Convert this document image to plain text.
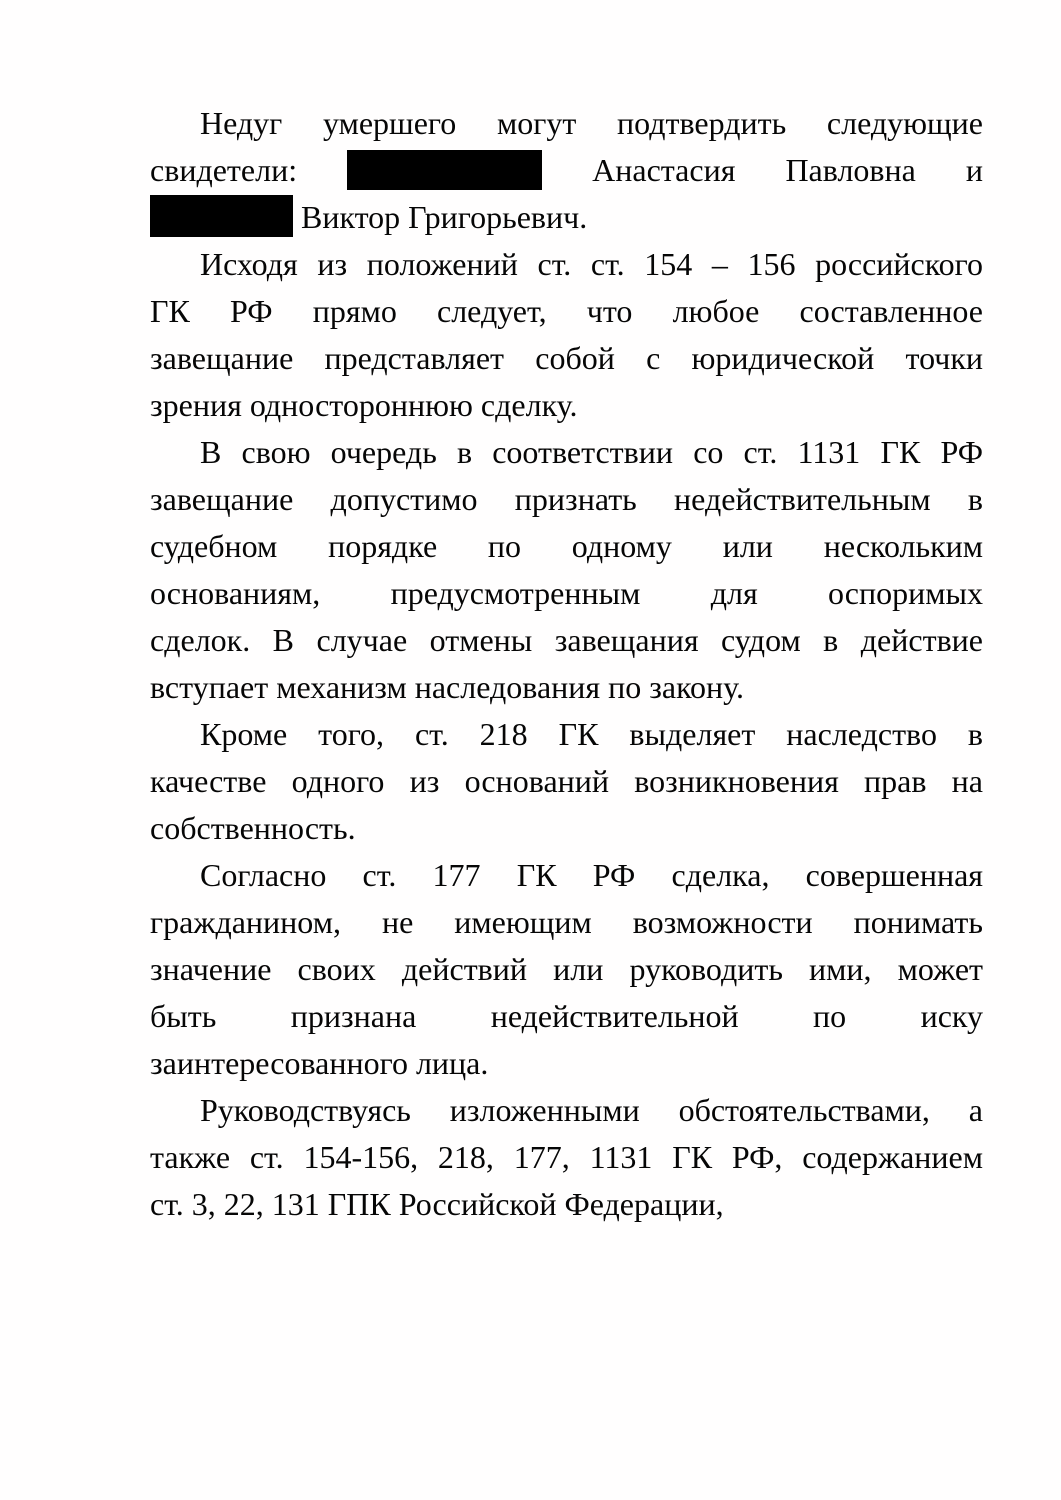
Недуг умершего могут подтвердить следующие
свидетели:	Анастасия Павловна и
Виктор Григорьевич.
Исходя из положений ст. ст. 154 – 156 российского
ГК РФ прямо следует, что любое составленное
завещание представляет собой с юридической точки
зрения одностороннюю сделку.
В свою очередь в соответствии со ст. 1131 ГК РФ
завещание допустимо признать недействительным в
судебном порядке по одному или нескольким
основаниям, предусмотренным для оспоримых
сделок. В случае отмены завещания судом в действие
вступает механизм наследования по закону.
Кроме того, ст. 218 ГК выделяет наследство в
качестве одного из оснований возникновения прав на
собственность.
Согласно ст. 177 ГК РФ сделка, совершенная
гражданином, не имеющим возможности понимать
значение своих действий или руководить ими, может
быть признана недействительной по иску
заинтересованного лица.
Руководствуясь изложенными обстоятельствами, а
также ст. 154-156, 218, 177, 1131 ГК РФ, содержанием
ст. 3, 22, 131 ГПК Российской Федерации,
